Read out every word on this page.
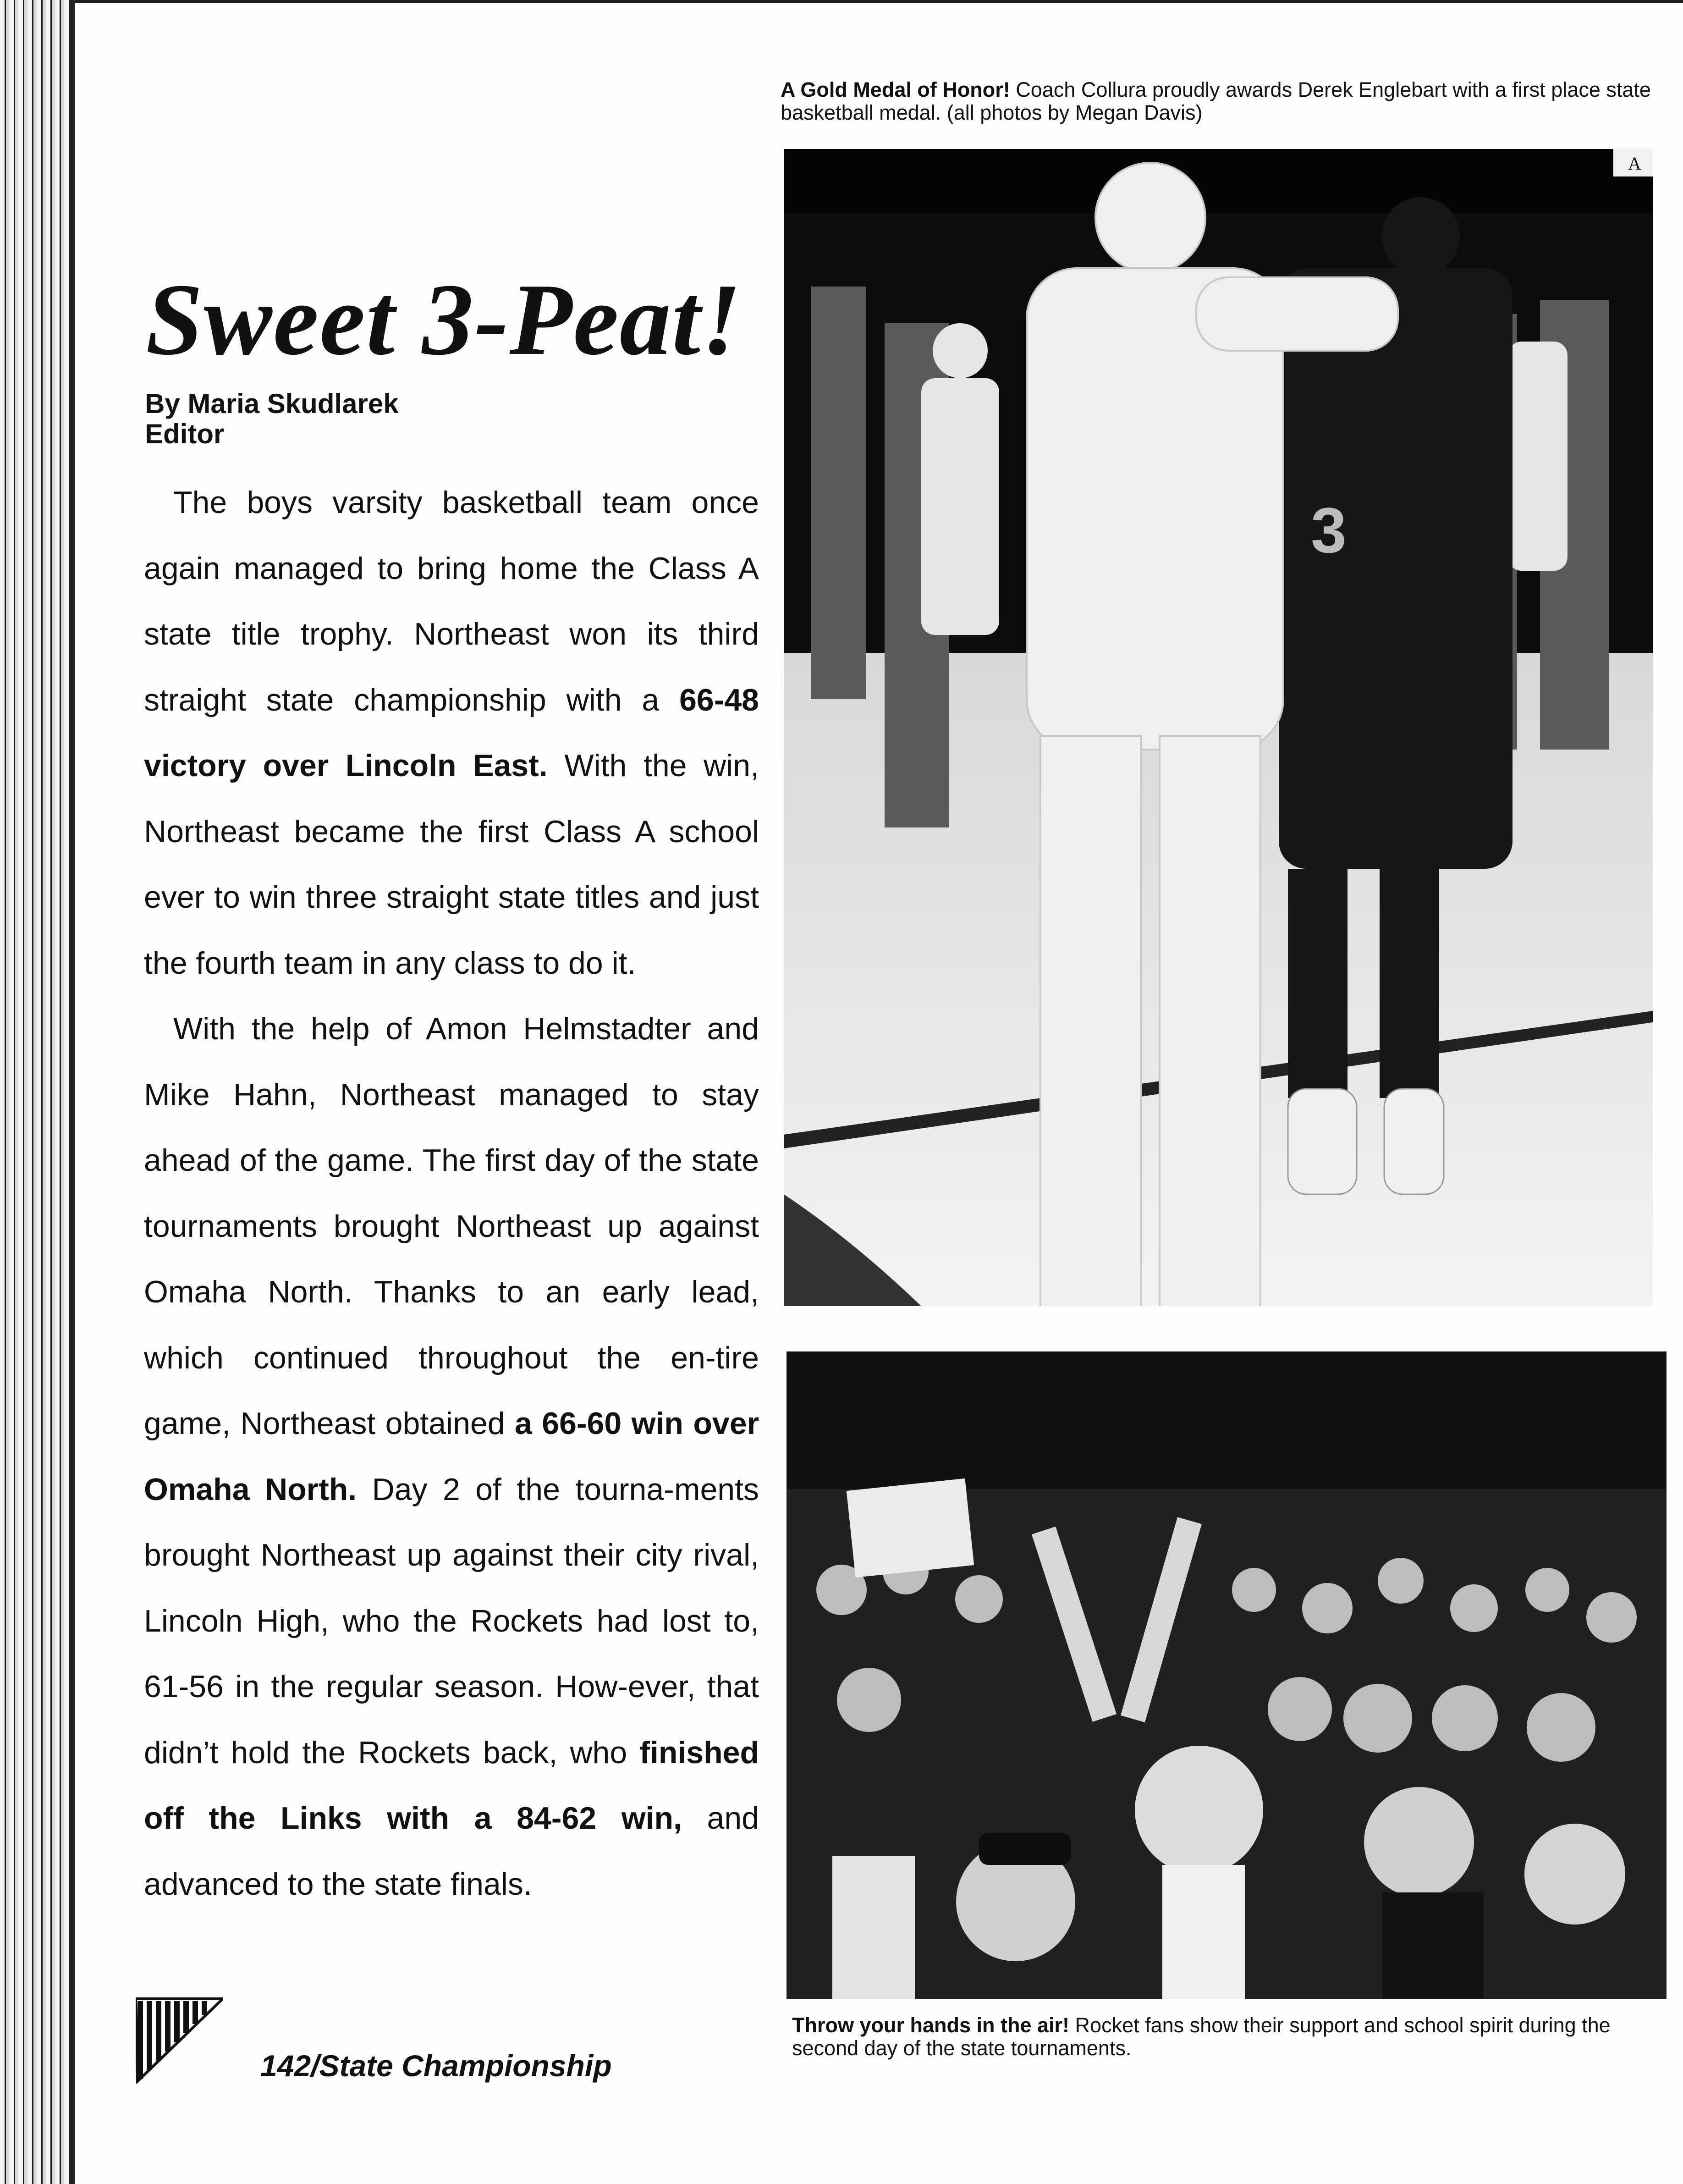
Sweet 3-Peat!
By Maria Skudlarek
Editor

The boys varsity basketball team once again managed to bring home the Class A state title trophy. Northeast won its third straight state championship with a 66-48 victory over Lincoln East. With the win, Northeast became the first Class A school ever to win three straight state titles and just the fourth team in any class to do it.

With the help of Amon Helmstadter and Mike Hahn, Northeast managed to stay ahead of the game. The first day of the state tournaments brought Northeast up against Omaha North. Thanks to an early lead, which continued throughout the en-tire game, Northeast obtained a 66-60 win over Omaha North. Day 2 of the tourna-ments brought Northeast up against their city rival, Lincoln High, who the Rockets had lost to, 61-56 in the regular season. How-ever, that didn’t hold the Rockets back, who finished off the Links with a 84-62 win, and advanced to the state finals.

A Gold Medal of Honor! Coach Collura proudly awards Derek Englebart with a first place state basketball medal. (all photos by Megan Davis)
A
3
Throw your hands in the air! Rocket fans show their support and school spirit during the second day of the state tournaments.
142/State Championship
